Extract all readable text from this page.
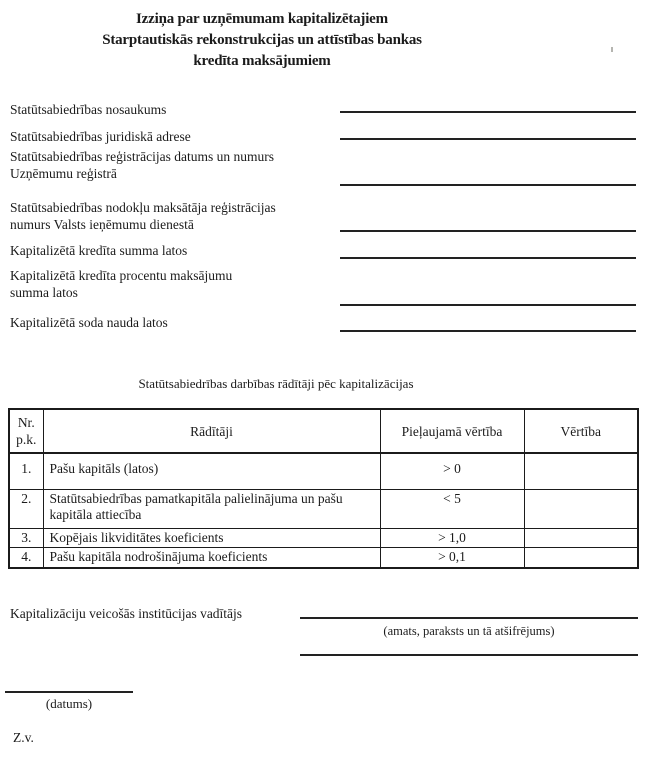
Izziņa par uzņēmumam kapitalizētajiem
Starptautiskās rekonstrukcijas un attīstības bankas
kredīta maksājumiem
Statūtsabiedrības nosaukums
Statūtsabiedrības juridiskā adrese
Statūtsabiedrības reģistrācijas datums un numurs
Uzņēmumu reģistrā
Statūtsabiedrības nodokļu maksātāja reģistrācijas
numurs Valsts ieņēmumu dienestā
Kapitalizētā kredīta summa latos
Kapitalizētā kredīta procentu maksājumu
summa latos
Kapitalizētā soda nauda latos
Statūtsabiedrības darbības rādītāji pēc kapitalizācijas
Nr.
p.k.	Rādītāji	Pieļaujamā vērtība	Vērtība
1.	Pašu kapitāls (latos)	> 0	
2.	Statūtsabiedrības pamatkapitāla palielinājuma un pašu kapitāla attiecība	< 5	
3.	Kopējais likviditātes koeficients	> 1,0	
4.	Pašu kapitāla nodrošinājuma koeficients	> 0,1	
Kapitalizāciju veicošās institūcijas vadītājs
(amats, paraksts un tā atšifrējums)
(datums)
Z.v.
